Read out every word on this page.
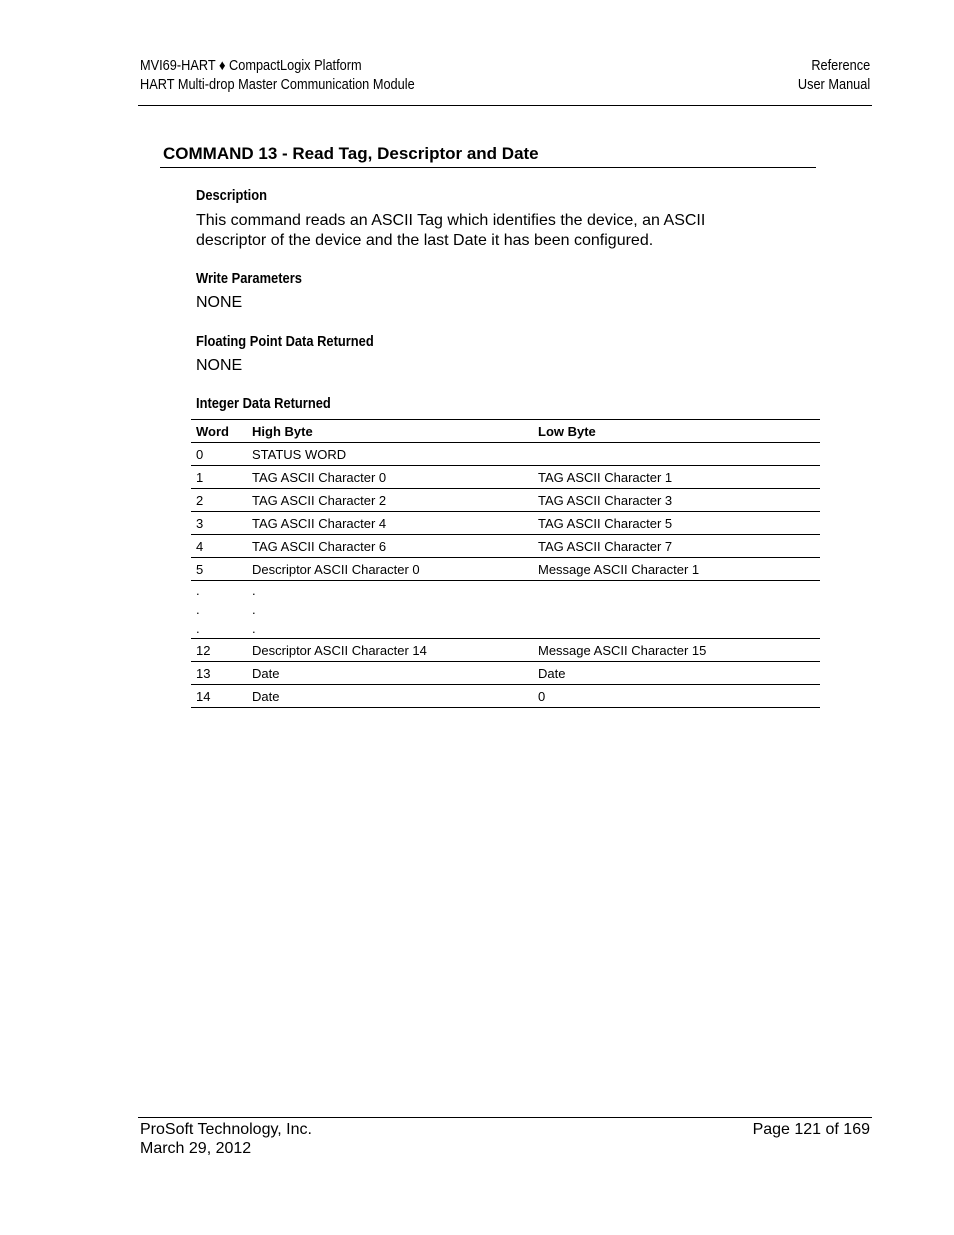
MVI69-HART ♦ CompactLogix Platform
HART Multi-drop Master Communication Module
Reference
User Manual
COMMAND 13 - Read Tag, Descriptor and Date
Description
This command reads an ASCII Tag which identifies the device, an ASCII
descriptor of the device and the last Date it has been configured.
Write Parameters
NONE
Floating Point Data Returned
NONE
Integer Data Returned
Word	High Byte	Low Byte
0	STATUS WORD	
1	TAG ASCII Character 0	TAG ASCII Character 1
2	TAG ASCII Character 2	TAG ASCII Character 3
3	TAG ASCII Character 4	TAG ASCII Character 5
4	TAG ASCII Character 6	TAG ASCII Character 7
5	Descriptor ASCII Character 0	Message ASCII Character 1
.	.	
.	.	
.	.	
12	Descriptor ASCII Character 14	Message ASCII Character 15
13	Date	Date
14	Date	0
ProSoft Technology, Inc.
March 29, 2012
Page 121 of 169
